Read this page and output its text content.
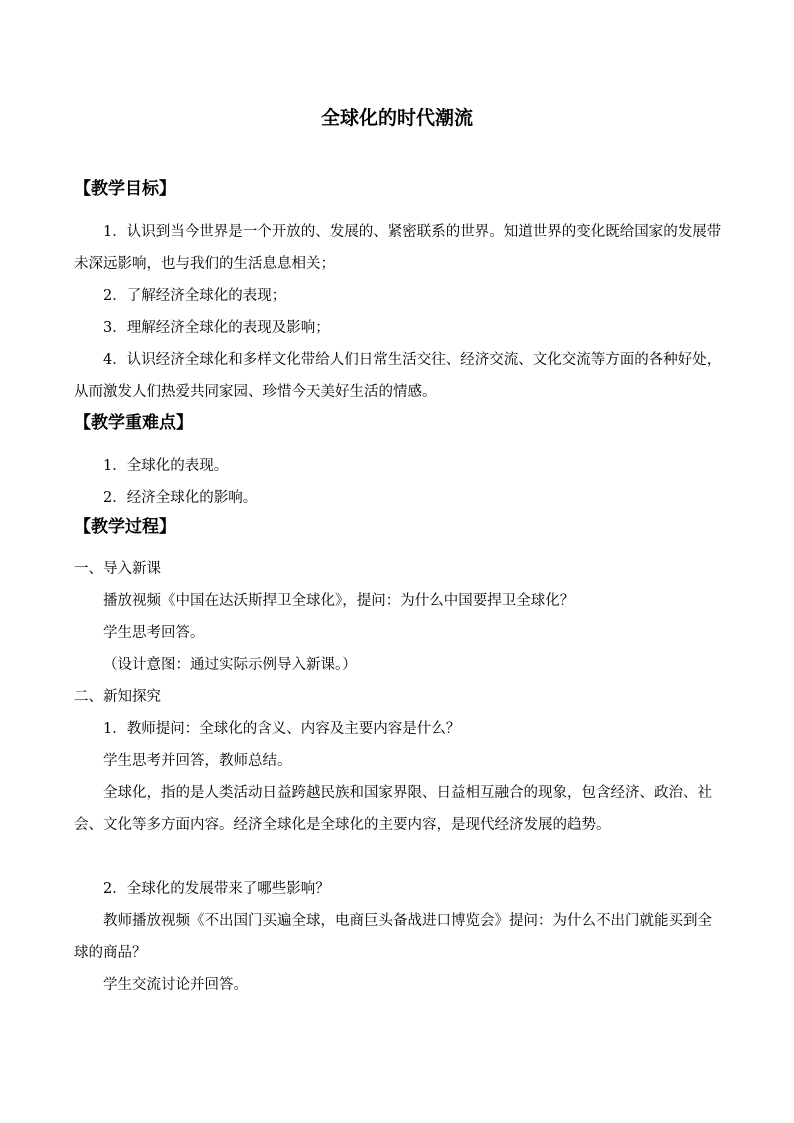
全球化的时代潮流
【教学目标】

1．认识到当今世界是一个开放的、发展的、紧密联系的世界。知道世界的变化既给国家的发展带未深远影响，也与我们的生活息息相关；

2．了解经济全球化的表现；
3．理解经济全球化的表现及影响；

4．认识经济全球化和多样文化带给人们日常生活交往、经济交流、文化交流等方面的各种好处，从而激发人们热爱共同家园、珍惜今天美好生活的情感。

【教学重难点】
1．全球化的表现。
2．经济全球化的影响。
【教学过程】
一、导入新课
播放视频《中国在达沃斯捍卫全球化》，提问：为什么中国要捍卫全球化？
学生思考回答。
（设计意图：通过实际示例导入新课。）
二、新知探究
1．教师提问：全球化的含义、内容及主要内容是什么？
学生思考并回答，教师总结。

全球化，指的是人类活动日益跨越民族和国家界限、日益相互融合的现象，包含经济、政治、社会、文化等多方面内容。经济全球化是全球化的主要内容，是现代经济发展的趋势。

2．全球化的发展带来了哪些影响？

教师播放视频《不出国门买遍全球，电商巨头备战进口博览会》提问：为什么不出门就能买到全球的商品？

学生交流讨论并回答。
